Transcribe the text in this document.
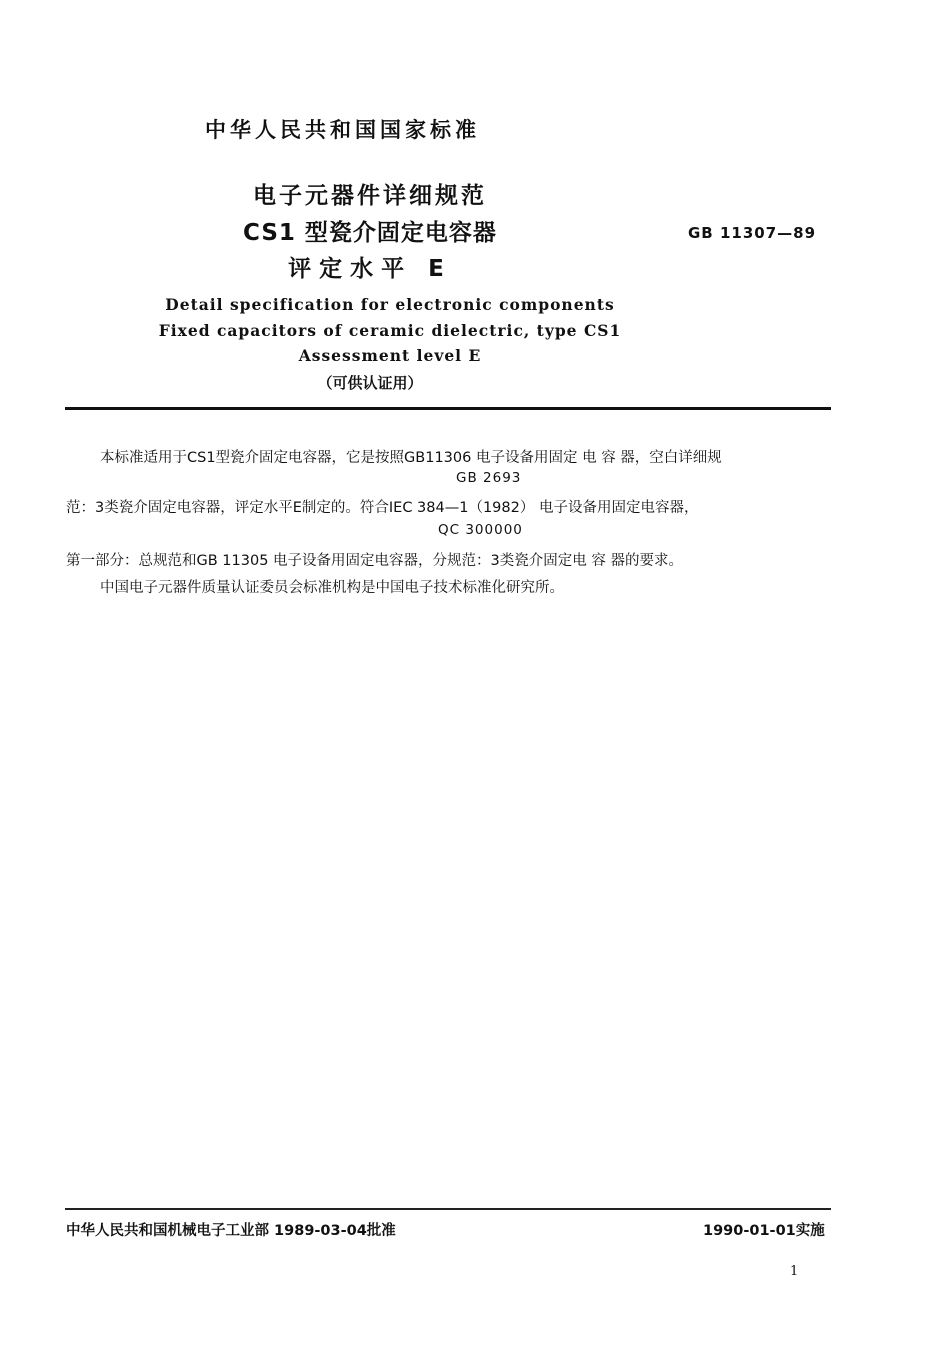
中华人民共和国国家标准
电子元器件详细规范
CS1 型瓷介固定电容器
评定水平 E
GB 11307—89
Detail specification for electronic components
Fixed capacitors of ceramic dielectric, type CS1
Assessment level E
（可供认证用）
本标准适用于CS1型瓷介固定电容器，它是按照GB11306 电子设备用固定 电 容 器，空白详细规
GB 2693
范：3类瓷介固定电容器，评定水平E制定的。符合IEC 384—1（1982） 电子设备用固定电容器，
QC 300000
第一部分：总规范和GB 11305 电子设备用固定电容器，分规范：3类瓷介固定电 容 器的要求。
中国电子元器件质量认证委员会标准机构是中国电子技术标准化研究所。
中华人民共和国机械电子工业部 1989-03-04批准	1990-01-01实施
1
